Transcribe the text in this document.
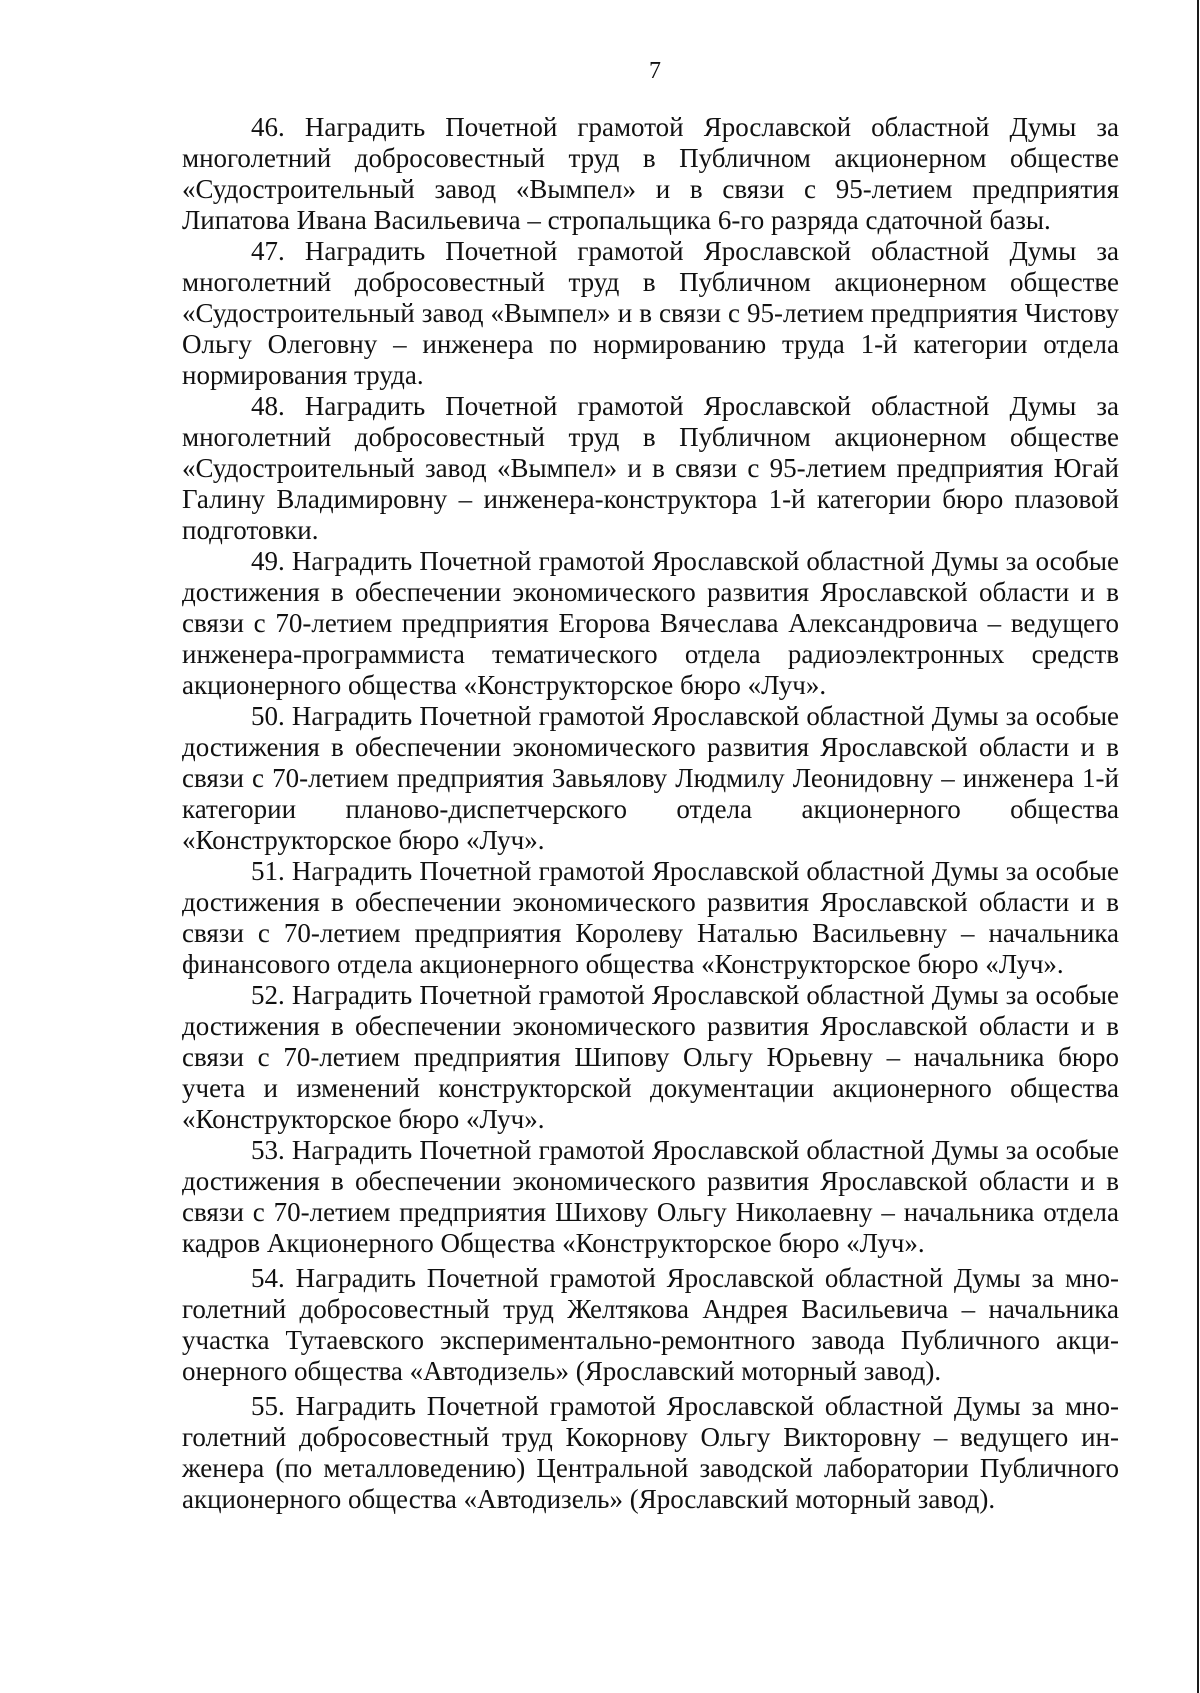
7

46. Наградить Почетной грамотой Ярославской областной Думы за многолетний добросовестный труд в Публичном акционерном обществе «Судостроительный завод «Вымпел» и в связи с 95-летием предприятия Липатова Ивана Васильевича – стропальщика 6-го разряда сдаточной базы.

47. Наградить Почетной грамотой Ярославской областной Думы за многолетний добросовестный труд в Публичном акционерном обществе «Судостроительный завод «Вымпел» и в связи с 95-летием предприятия Чистову Ольгу Олеговну – инженера по нормированию труда 1-й категории отдела нормирования труда.

48. Наградить Почетной грамотой Ярославской областной Думы за многолетний добросовестный труд в Публичном акционерном обществе «Судостроительный завод «Вымпел» и в связи с 95-летием предприятия Югай Галину Владимировну – инженера-конструктора 1-й категории бюро плазовой подготовки.

49. Наградить Почетной грамотой Ярославской областной Думы за особые достижения в обеспечении экономического развития Ярославской области и в связи с 70-летием предприятия Егорова Вячеслава Александровича – ведущего инженера-программиста тематического отдела радиоэлектронных средств акционерного общества «Конструкторское бюро «Луч».

50. Наградить Почетной грамотой Ярославской областной Думы за особые достижения в обеспечении экономического развития Ярославской области и в связи с 70-летием предприятия Завьялову Людмилу Леонидовну – инженера 1-й категории планово-диспетчерского отдела акционерного общества «Конструкторское бюро «Луч».

51. Наградить Почетной грамотой Ярославской областной Думы за особые достижения в обеспечении экономического развития Ярославской области и в связи с 70-летием предприятия Королеву Наталью Васильевну – начальника финансового отдела акционерного общества «Конструкторское бюро «Луч».

52. Наградить Почетной грамотой Ярославской областной Думы за особые достижения в обеспечении экономического развития Ярославской области и в связи с 70-летием предприятия Шипову Ольгу Юрьевну – начальника бюро учета и изменений конструкторской документации акционерного общества «Конструкторское бюро «Луч».

53. Наградить Почетной грамотой Ярославской областной Думы за особые достижения в обеспечении экономического развития Ярославской области и в связи с 70-летием предприятия Шихову Ольгу Николаевну – начальника отдела кадров Акционерного Общества «Конструкторское бюро «Луч».

54. Наградить Почетной грамотой Ярославской областной Думы за многолетний добросовестный труд Желтякова Андрея Васильевича – начальника участка Тутаевского экспериментально-ремонтного завода Публичного акционерного общества «Автодизель» (Ярославский моторный завод).

55. Наградить Почетной грамотой Ярославской областной Думы за многолетний добросовестный труд Кокорнову Ольгу Викторовну – ведущего инженера (по металловедению) Центральной заводской лаборатории Публичного акционерного общества «Автодизель» (Ярославский моторный завод).
